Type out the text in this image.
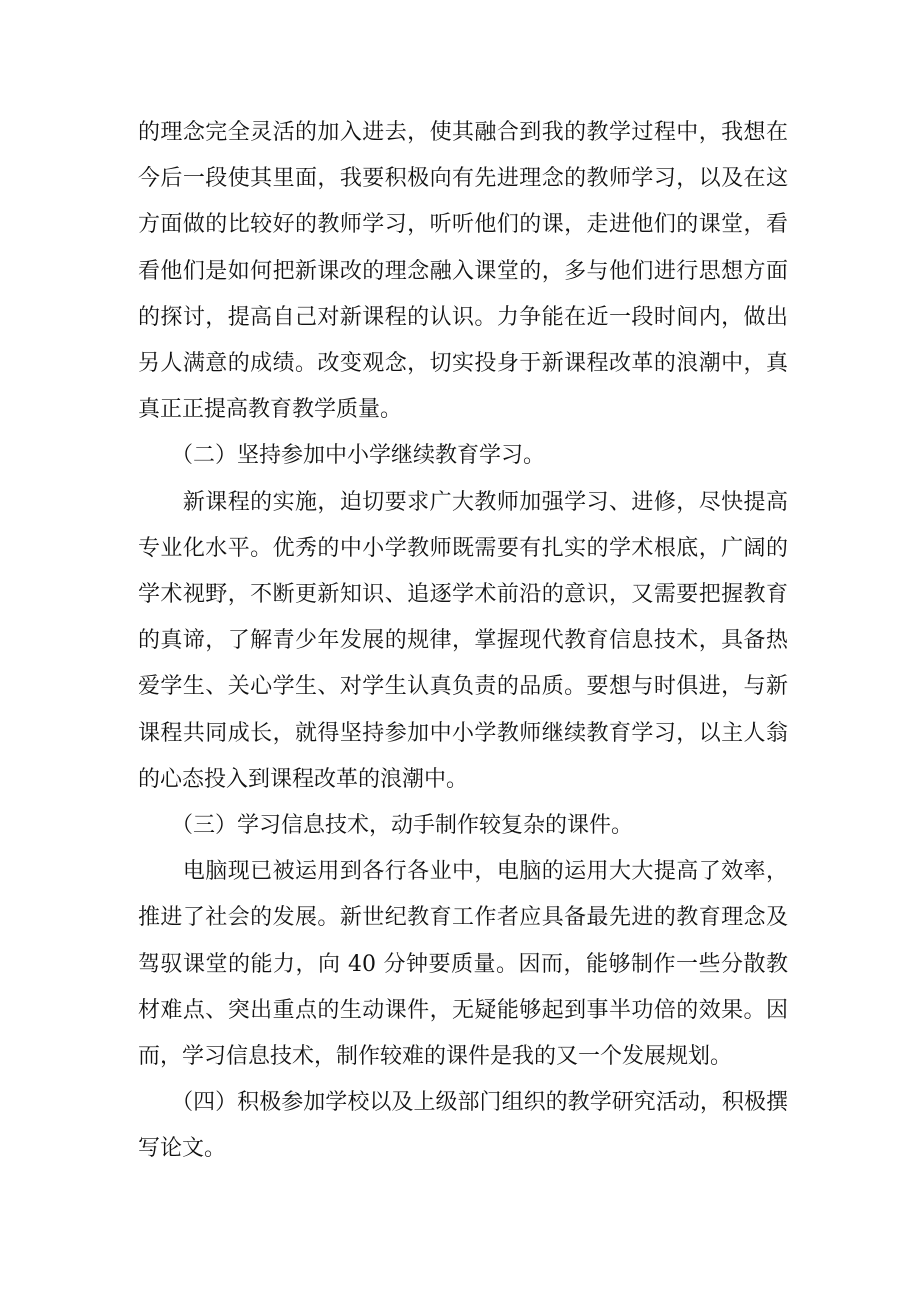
的理念完全灵活的加入进去，使其融合到我的教学过程中，我想在今后一段使其里面，我要积极向有先进理念的教师学习，以及在这方面做的比较好的教师学习，听听他们的课，走进他们的课堂，看看他们是如何把新课改的理念融入课堂的，多与他们进行思想方面的探讨，提高自己对新课程的认识。力争能在近一段时间内，做出另人满意的成绩。改变观念，切实投身于新课程改革的浪潮中，真真正正提高教育教学质量。

　　（二）坚持参加中小学继续教育学习。

　　新课程的实施，迫切要求广大教师加强学习、进修，尽快提高专业化水平。优秀的中小学教师既需要有扎实的学术根底，广阔的学术视野，不断更新知识、追逐学术前沿的意识，又需要把握教育的真谛，了解青少年发展的规律，掌握现代教育信息技术，具备热爱学生、关心学生、对学生认真负责的品质。要想与时俱进，与新课程共同成长，就得坚持参加中小学教师继续教育学习，以主人翁的心态投入到课程改革的浪潮中。

　　（三）学习信息技术，动手制作较复杂的课件。

　　电脑现已被运用到各行各业中，电脑的运用大大提高了效率，推进了社会的发展。新世纪教育工作者应具备最先进的教育理念及驾驭课堂的能力，向 40 分钟要质量。因而，能够制作一些分散教材难点、突出重点的生动课件，无疑能够起到事半功倍的效果。因而，学习信息技术，制作较难的课件是我的又一个发展规划。

　　（四）积极参加学校以及上级部门组织的教学研究活动，积极撰写论文。
